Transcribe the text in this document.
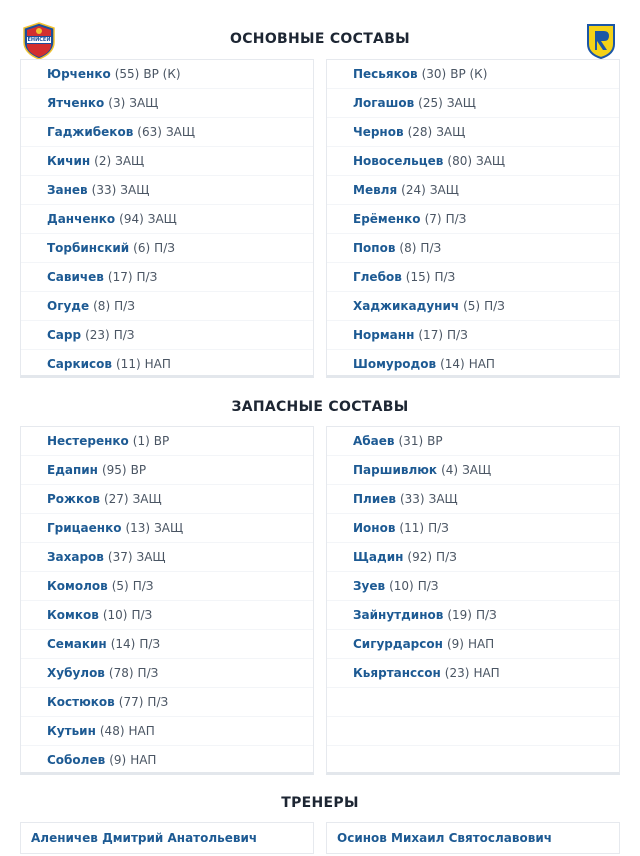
ЕНИСЕЙ	ОСНОВНЫЕ СОСТАВЫ
Юрченко (55) ВР (К)
Ятченко (3) ЗАЩ
Гаджибеков (63) ЗАЩ
Кичин (2) ЗАЩ
Занев (33) ЗАЩ
Данченко (94) ЗАЩ
Торбинский (6) П/З
Савичев (17) П/З
Огуде (8) П/З
Сарр (23) П/З
Саркисов (11) НАП
Песьяков (30) ВР (К)
Логашов (25) ЗАЩ
Чернов (28) ЗАЩ
Новосельцев (80) ЗАЩ
Мевля (24) ЗАЩ
Ерёменко (7) П/З
Попов (8) П/З
Глебов (15) П/З
Хаджикадунич (5) П/З
Норманн (17) П/З
Шомуродов (14) НАП
ЗАПАСНЫЕ СОСТАВЫ
Нестеренко (1) ВР
Едапин (95) ВР
Рожков (27) ЗАЩ
Грицаенко (13) ЗАЩ
Захаров (37) ЗАЩ
Комолов (5) П/З
Комков (10) П/З
Семакин (14) П/З
Хубулов (78) П/З
Костюков (77) П/З
Кутьин (48) НАП
Соболев (9) НАП
Абаев (31) ВР
Паршивлюк (4) ЗАЩ
Плиев (33) ЗАЩ
Ионов (11) П/З
Щадин (92) П/З
Зуев (10) П/З
Зайнутдинов (19) П/З
Сигурдарсон (9) НАП
Кьяртанссон (23) НАП
ТРЕНЕРЫ
Аленичев Дмитрий Анатольевич	Осинов Михаил Святославович
